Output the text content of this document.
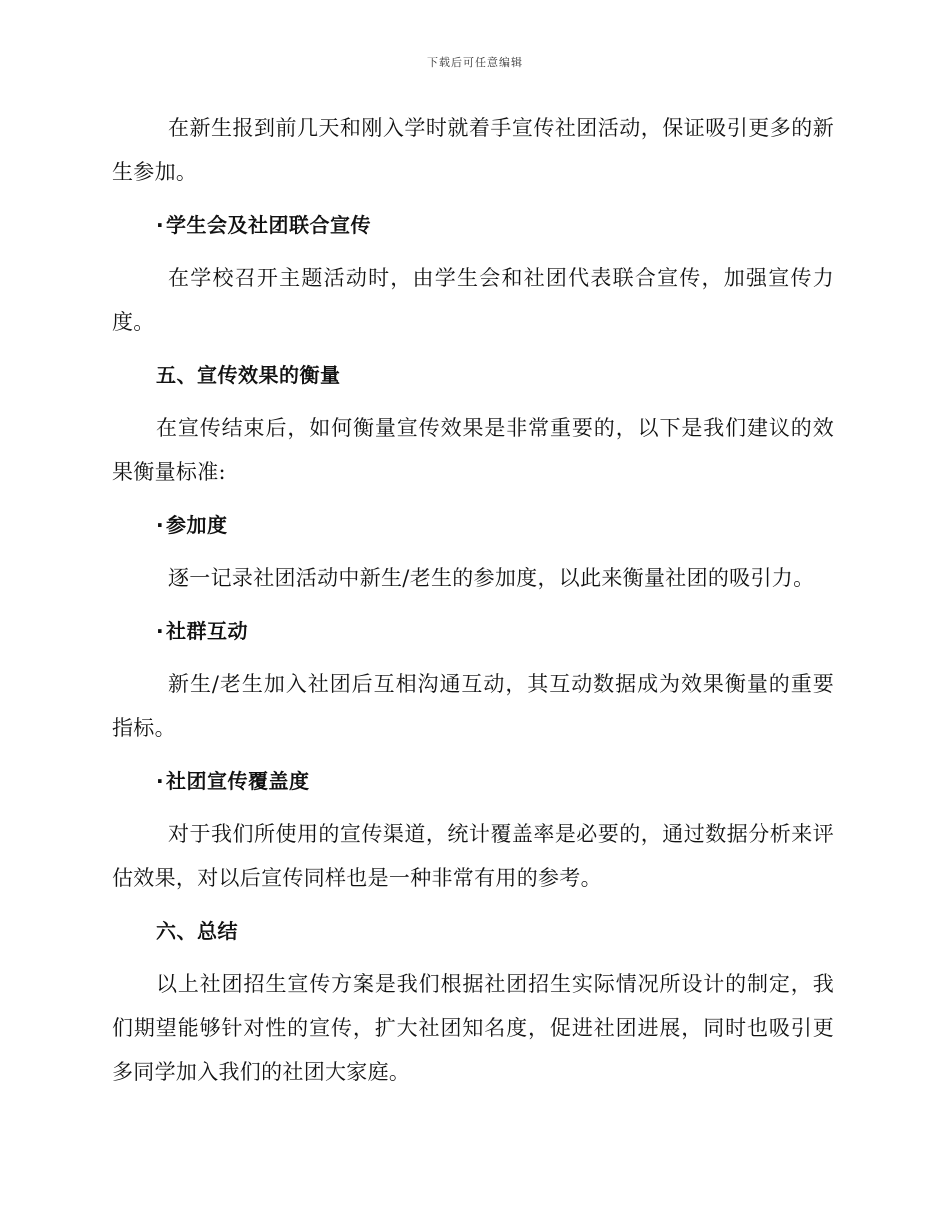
下载后可任意编辑

在新生报到前几天和刚入学时就着手宣传社团活动，保证吸引更多的新生参加。

·学生会及社团联合宣传

在学校召开主题活动时，由学生会和社团代表联合宣传，加强宣传力度。

五、宣传效果的衡量

在宣传结束后，如何衡量宣传效果是非常重要的，以下是我们建议的效果衡量标准:

·参加度

逐一记录社团活动中新生/老生的参加度，以此来衡量社团的吸引力。

·社群互动

新生/老生加入社团后互相沟通互动，其互动数据成为效果衡量的重要指标。

·社团宣传覆盖度

对于我们所使用的宣传渠道，统计覆盖率是必要的，通过数据分析来评估效果，对以后宣传同样也是一种非常有用的参考。

六、总结

以上社团招生宣传方案是我们根据社团招生实际情况所设计的制定，我们期望能够针对性的宣传，扩大社团知名度，促进社团进展，同时也吸引更多同学加入我们的社团大家庭。
